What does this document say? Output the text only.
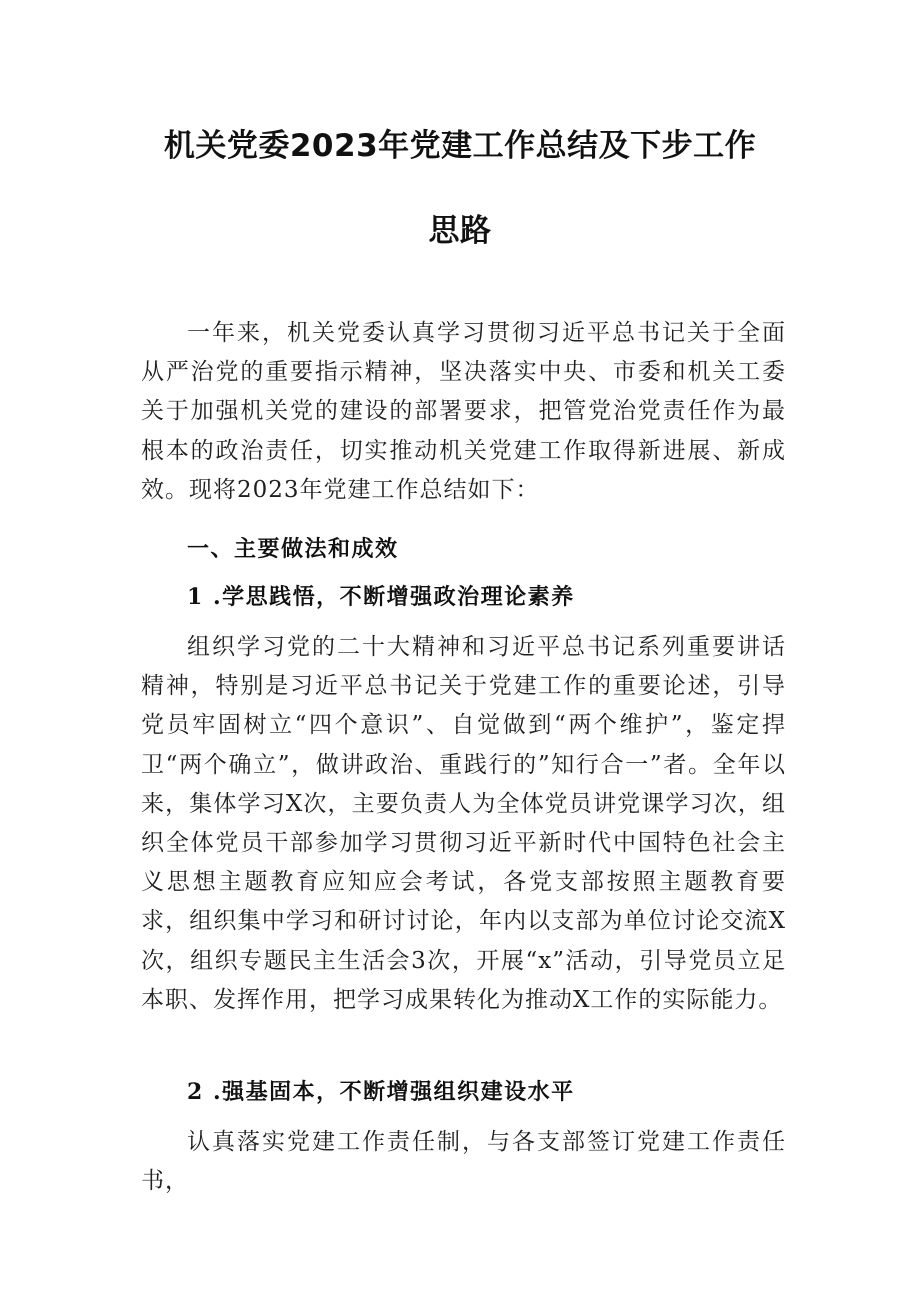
机关党委2023年党建工作总结及下步工作
思路

一年来，机关党委认真学习贯彻习近平总书记关于全面从严治党的重要指示精神，坚决落实中央、市委和机关工委关于加强机关党的建设的部署要求，把管党治党责任作为最根本的政治责任，切实推动机关党建工作取得新进展、新成效。现将2023年党建工作总结如下：

一、主要做法和成效
1 .学思践悟，不断增强政治理论素养

组织学习党的二十大精神和习近平总书记系列重要讲话精神，特别是习近平总书记关于党建工作的重要论述，引导党员牢固树立“四个意识”、自觉做到“两个维护”，鉴定捍卫“两个确立”，做讲政治、重践行的”知行合一”者。全年以来，集体学习X次，主要负责人为全体党员讲党课学习次，组织全体党员干部参加学习贯彻习近平新时代中国特色社会主义思想主题教育应知应会考试，各党支部按照主题教育要求，组织集中学习和研讨讨论，年内以支部为单位讨论交流X次，组织专题民主生活会3次，开展“x”活动，引导党员立足本职、发挥作用，把学习成果转化为推动X工作的实际能力。

2 .强基固本，不断增强组织建设水平

认真落实党建工作责任制，与各支部签订党建工作责任书，
